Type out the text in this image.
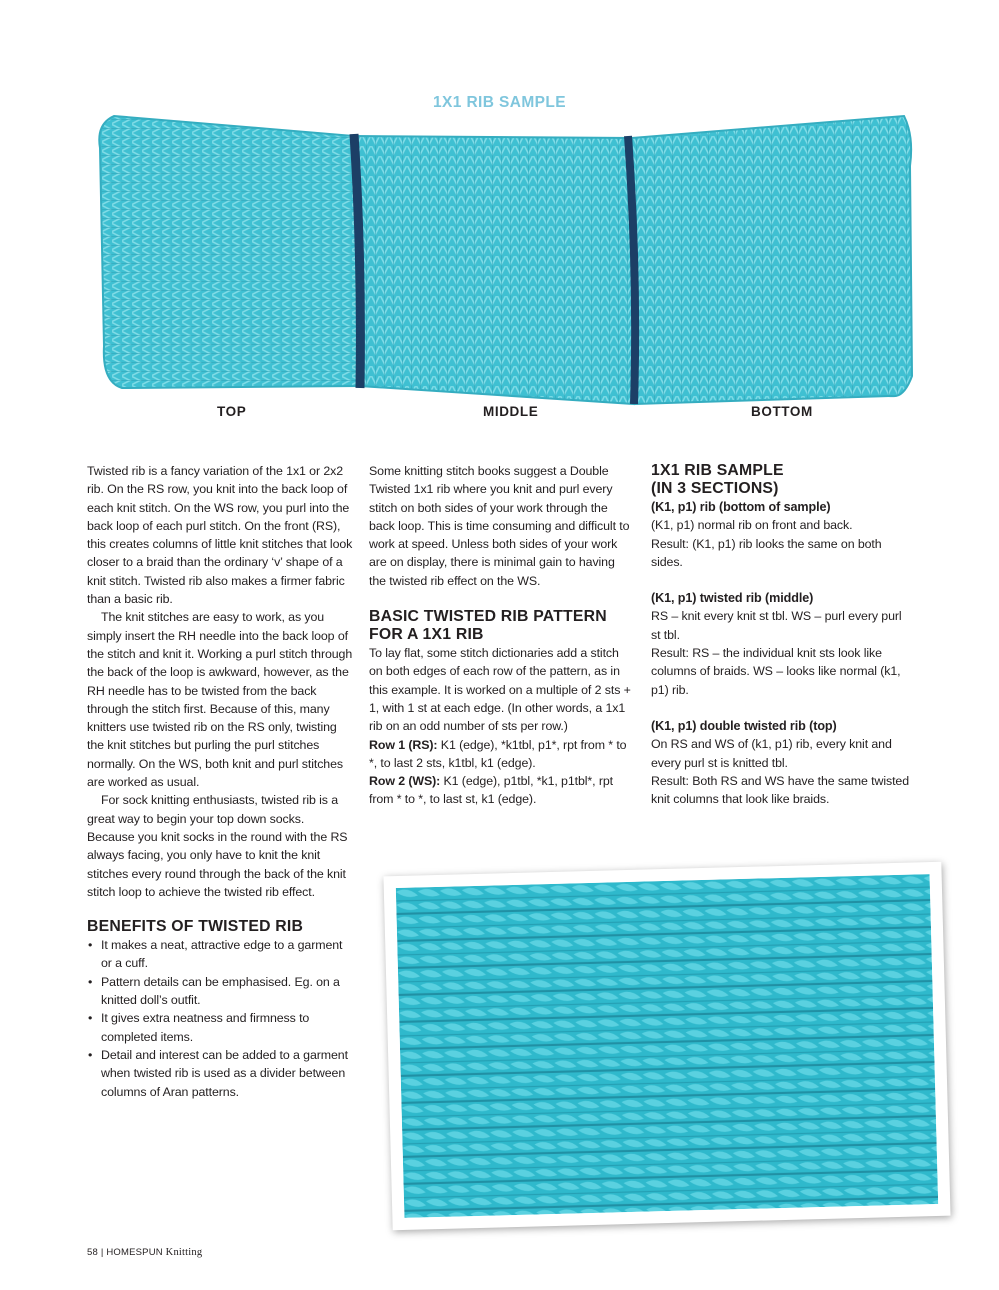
1X1 RIB SAMPLE
TOP	MIDDLE	BOTTOM

Twisted rib is a fancy variation of the 1x1 or 2x2 rib. On the RS row, you knit into the back loop of each knit stitch. On the WS row, you purl into the back loop of each purl stitch. On the front (RS), this creates columns of little knit stitches that look closer to a braid than the ordinary ‘v’ shape of a knit stitch. Twisted rib also makes a firmer fabric than a basic rib.

The knit stitches are easy to work, as you simply insert the RH needle into the back loop of the stitch and knit it. Working a purl stitch through the back of the loop is awkward, however, as the RH needle has to be twisted from the back through the stitch first. Because of this, many knitters use twisted rib on the RS only, twisting the knit stitches but purling the purl stitches normally. On the WS, both knit and purl stitches are worked as usual.

For sock knitting enthusiasts, twisted rib is a great way to begin your top down socks. Because you knit socks in the round with the RS always facing, you only have to knit the knit stitches every round through the back of the knit stitch loop to achieve the twisted rib effect.

BENEFITS OF TWISTED RIB
• It makes a neat, attractive edge to a garment or a cuff.
• Pattern details can be emphasised. Eg. on a knitted doll’s outfit.
• It gives extra neatness and firmness to completed items.
• Detail and interest can be added to a garment when twisted rib is used as a divider between columns of Aran patterns.

Some knitting stitch books suggest a Double Twisted 1x1 rib where you knit and purl every stitch on both sides of your work through the back loop. This is time consuming and difficult to work at speed. Unless both sides of your work are on display, there is minimal gain to having the twisted rib effect on the WS.

BASIC TWISTED RIB PATTERN FOR A 1X1 RIB

To lay flat, some stitch dictionaries add a stitch on both edges of each row of the pattern, as in this example. It is worked on a multiple of 2 sts + 1, with 1 st at each edge. (In other words, a 1x1 rib on an odd number of sts per row.)

Row 1 (RS): K1 (edge), *k1tbl, p1*, rpt from * to *, to last 2 sts, k1tbl, k1 (edge).

Row 2 (WS): K1 (edge), p1tbl, *k1, p1tbl*, rpt from * to *, to last st, k1 (edge).

1X1 RIB SAMPLE (IN 3 SECTIONS)
(K1, p1) rib (bottom of sample)

(K1, p1) normal rib on front and back.

Result: (K1, p1) rib looks the same on both sides.

(K1, p1) twisted rib (middle)

RS – knit every knit st tbl. WS – purl every purl st tbl.

Result: RS – the individual knit sts look like columns of braids. WS – looks like normal (k1, p1) rib.

(K1, p1) double twisted rib (top)

On RS and WS of (k1, p1) rib, every knit and every purl st is knitted tbl.

Result: Both RS and WS have the same twisted knit columns that look like braids.

58 | HOMESPUN Knitting
